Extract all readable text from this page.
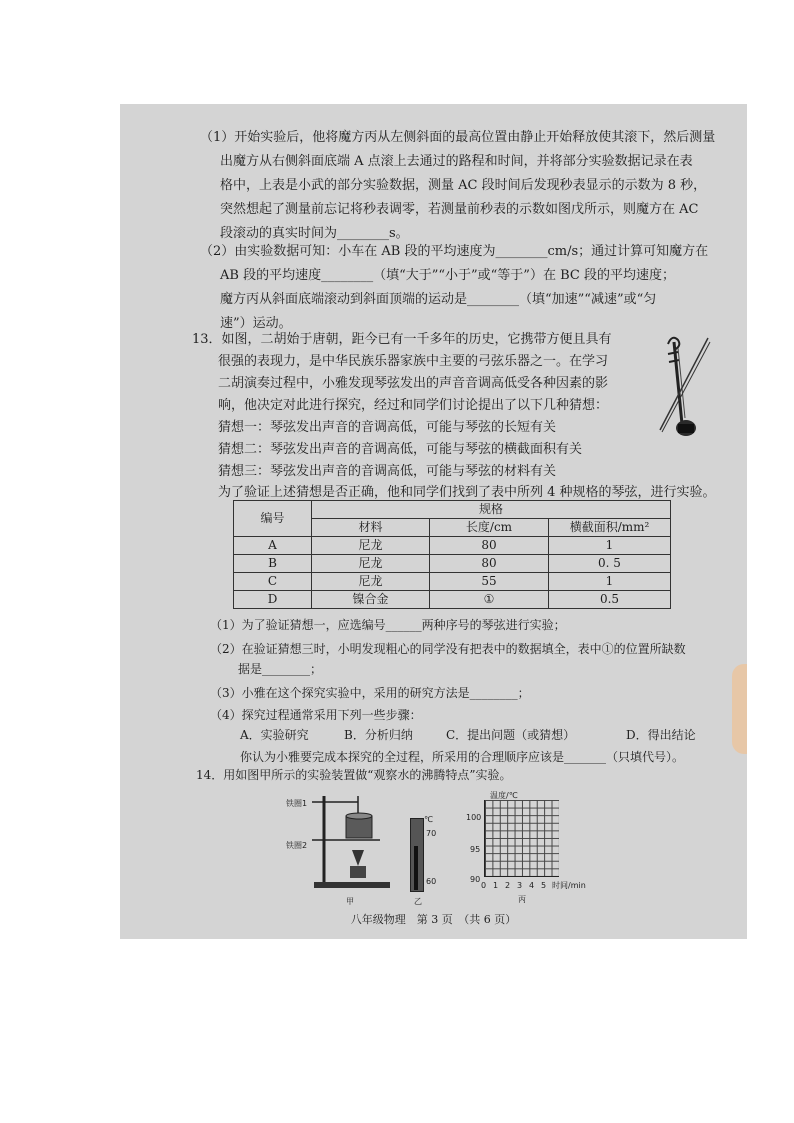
（1）开始实验后，他将魔方丙从左侧斜面的最高位置由静止开始释放使其滚下，然后测量
出魔方从右侧斜面底端 A 点滚上去通过的路程和时间，并将部分实验数据记录在表
格中，上表是小武的部分实验数据，测量 AC 段时间后发现秒表显示的示数为 8 秒，
突然想起了测量前忘记将秒表调零，若测量前秒表的示数如图戊所示，则魔方在 AC
段滚动的真实时间为________s。
（2）由实验数据可知：小车在 AB 段的平均速度为________cm/s；通过计算可知魔方在
AB 段的平均速度________（填“大于”“小于”或“等于”）在 BC 段的平均速度；
魔方丙从斜面底端滚动到斜面顶端的运动是________（填“加速”“减速”或“匀
速”）运动。
13．如图，二胡始于唐朝，距今已有一千多年的历史，它携带方便且具有
很强的表现力，是中华民族乐器家族中主要的弓弦乐器之一。在学习
二胡演奏过程中，小雅发现琴弦发出的声音音调高低受各种因素的影
响，他决定对此进行探究，经过和同学们讨论提出了以下几种猜想：
猜想一：琴弦发出声音的音调高低，可能与琴弦的长短有关
猜想二：琴弦发出声音的音调高低，可能与琴弦的横截面积有关
猜想三：琴弦发出声音的音调高低，可能与琴弦的材料有关
为了验证上述猜想是否正确，他和同学们找到了表中所列 4 种规格的琴弦，进行实验。
编号	规格		
	材料	长度/cm	横截面积/mm²
A	尼龙	80	1
B	尼龙	80	0. 5
C	尼龙	55	1
D	镍合金	①	0.5
（1）为了验证猜想一，应选编号______两种序号的琴弦进行实验；
（2）在验证猜想三时，小明发现粗心的同学没有把表中的数据填全，表中①的位置所缺数
据是________；
（3）小雅在这个探究实验中，采用的研究方法是________；
（4）探究过程通常采用下列一些步骤：
A．实验研究	B．分析归纳	C．提出问题（或猜想）	D．得出结论
你认为小雅要完成本探究的全过程，所采用的合理顺序应该是_______（只填代号）。
14．用如图甲所示的实验装置做“观察水的沸腾特点”实验。
铁圈1
铁圈2
甲
℃
70
60
乙
温度/℃
100
95
90
0 1 2 3 4 5 时间/min
丙
八年级物理　第 3 页　（共 6 页）
